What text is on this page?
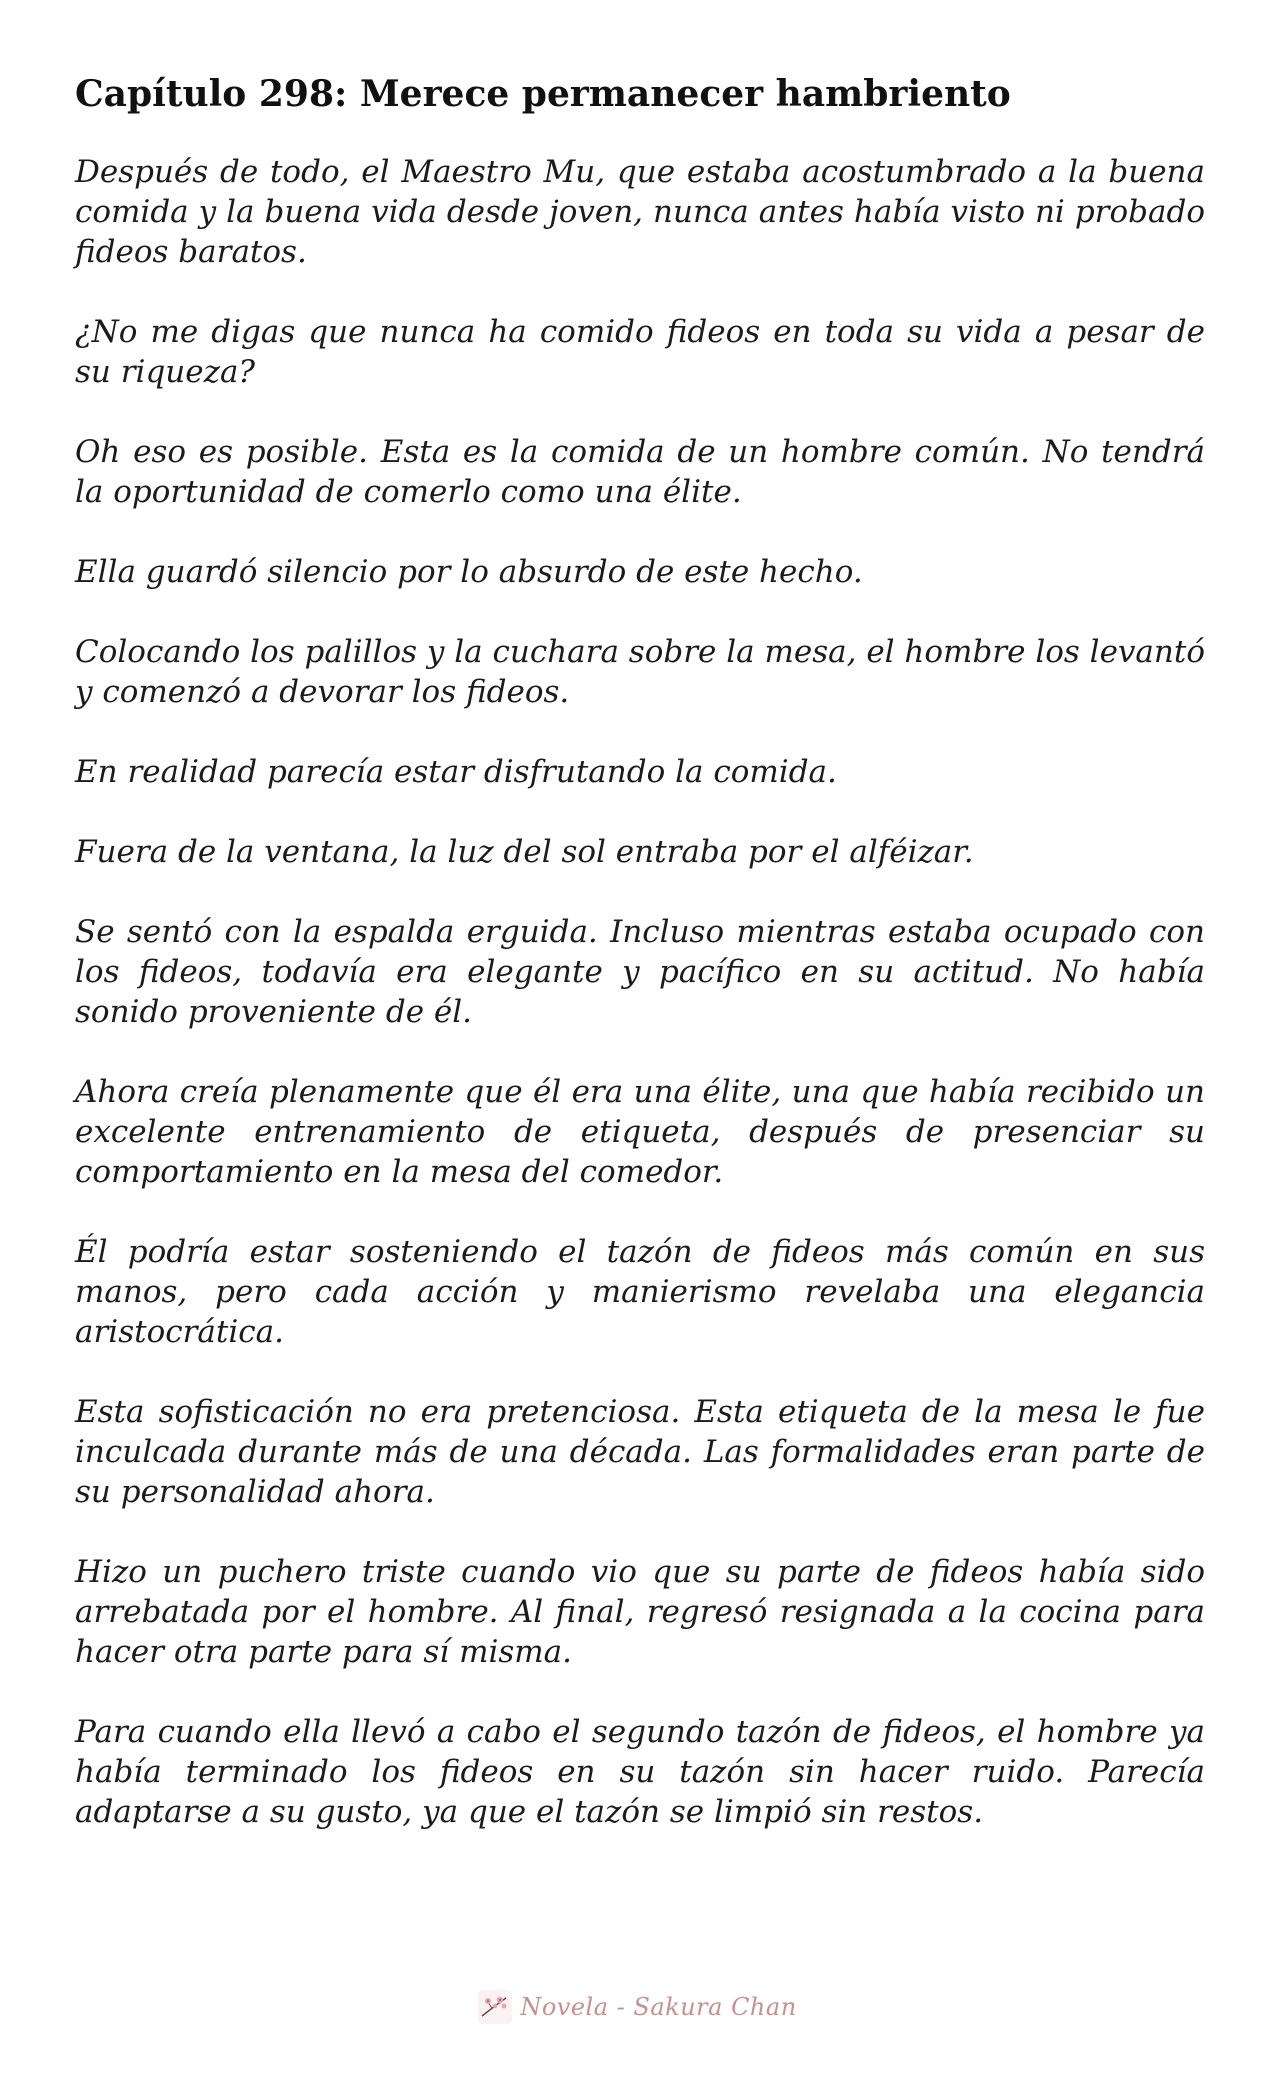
Capítulo 298: Merece permanecer hambriento

Después de todo, el Maestro Mu, que estaba acostumbrado a la buena comida y la buena vida desde joven, nunca antes había visto ni probado fideos baratos.

¿No me digas que nunca ha comido fideos en toda su vida a pesar de su riqueza?

Oh eso es posible. Esta es la comida de un hombre común. No tendrá la oportunidad de comerlo como una élite.

Ella guardó silencio por lo absurdo de este hecho.

Colocando los palillos y la cuchara sobre la mesa, el hombre los levantó y comenzó a devorar los fideos.

En realidad parecía estar disfrutando la comida.

Fuera de la ventana, la luz del sol entraba por el alféizar.

Se sentó con la espalda erguida. Incluso mientras estaba ocupado con los fideos, todavía era elegante y pacífico en su actitud. No había sonido proveniente de él.

Ahora creía plenamente que él era una élite, una que había recibido un excelente entrenamiento de etiqueta, después de presenciar su comportamiento en la mesa del comedor.

Él podría estar sosteniendo el tazón de fideos más común en sus manos, pero cada acción y manierismo revelaba una elegancia aristocrática.

Esta sofisticación no era pretenciosa. Esta etiqueta de la mesa le fue inculcada durante más de una década. Las formalidades eran parte de su personalidad ahora.

Hizo un puchero triste cuando vio que su parte de fideos había sido arrebatada por el hombre. Al final, regresó resignada a la cocina para hacer otra parte para sí misma.

Para cuando ella llevó a cabo el segundo tazón de fideos, el hombre ya había terminado los fideos en su tazón sin hacer ruido. Parecía adaptarse a su gusto, ya que el tazón se limpió sin restos.

Novela - Sakura Chan
